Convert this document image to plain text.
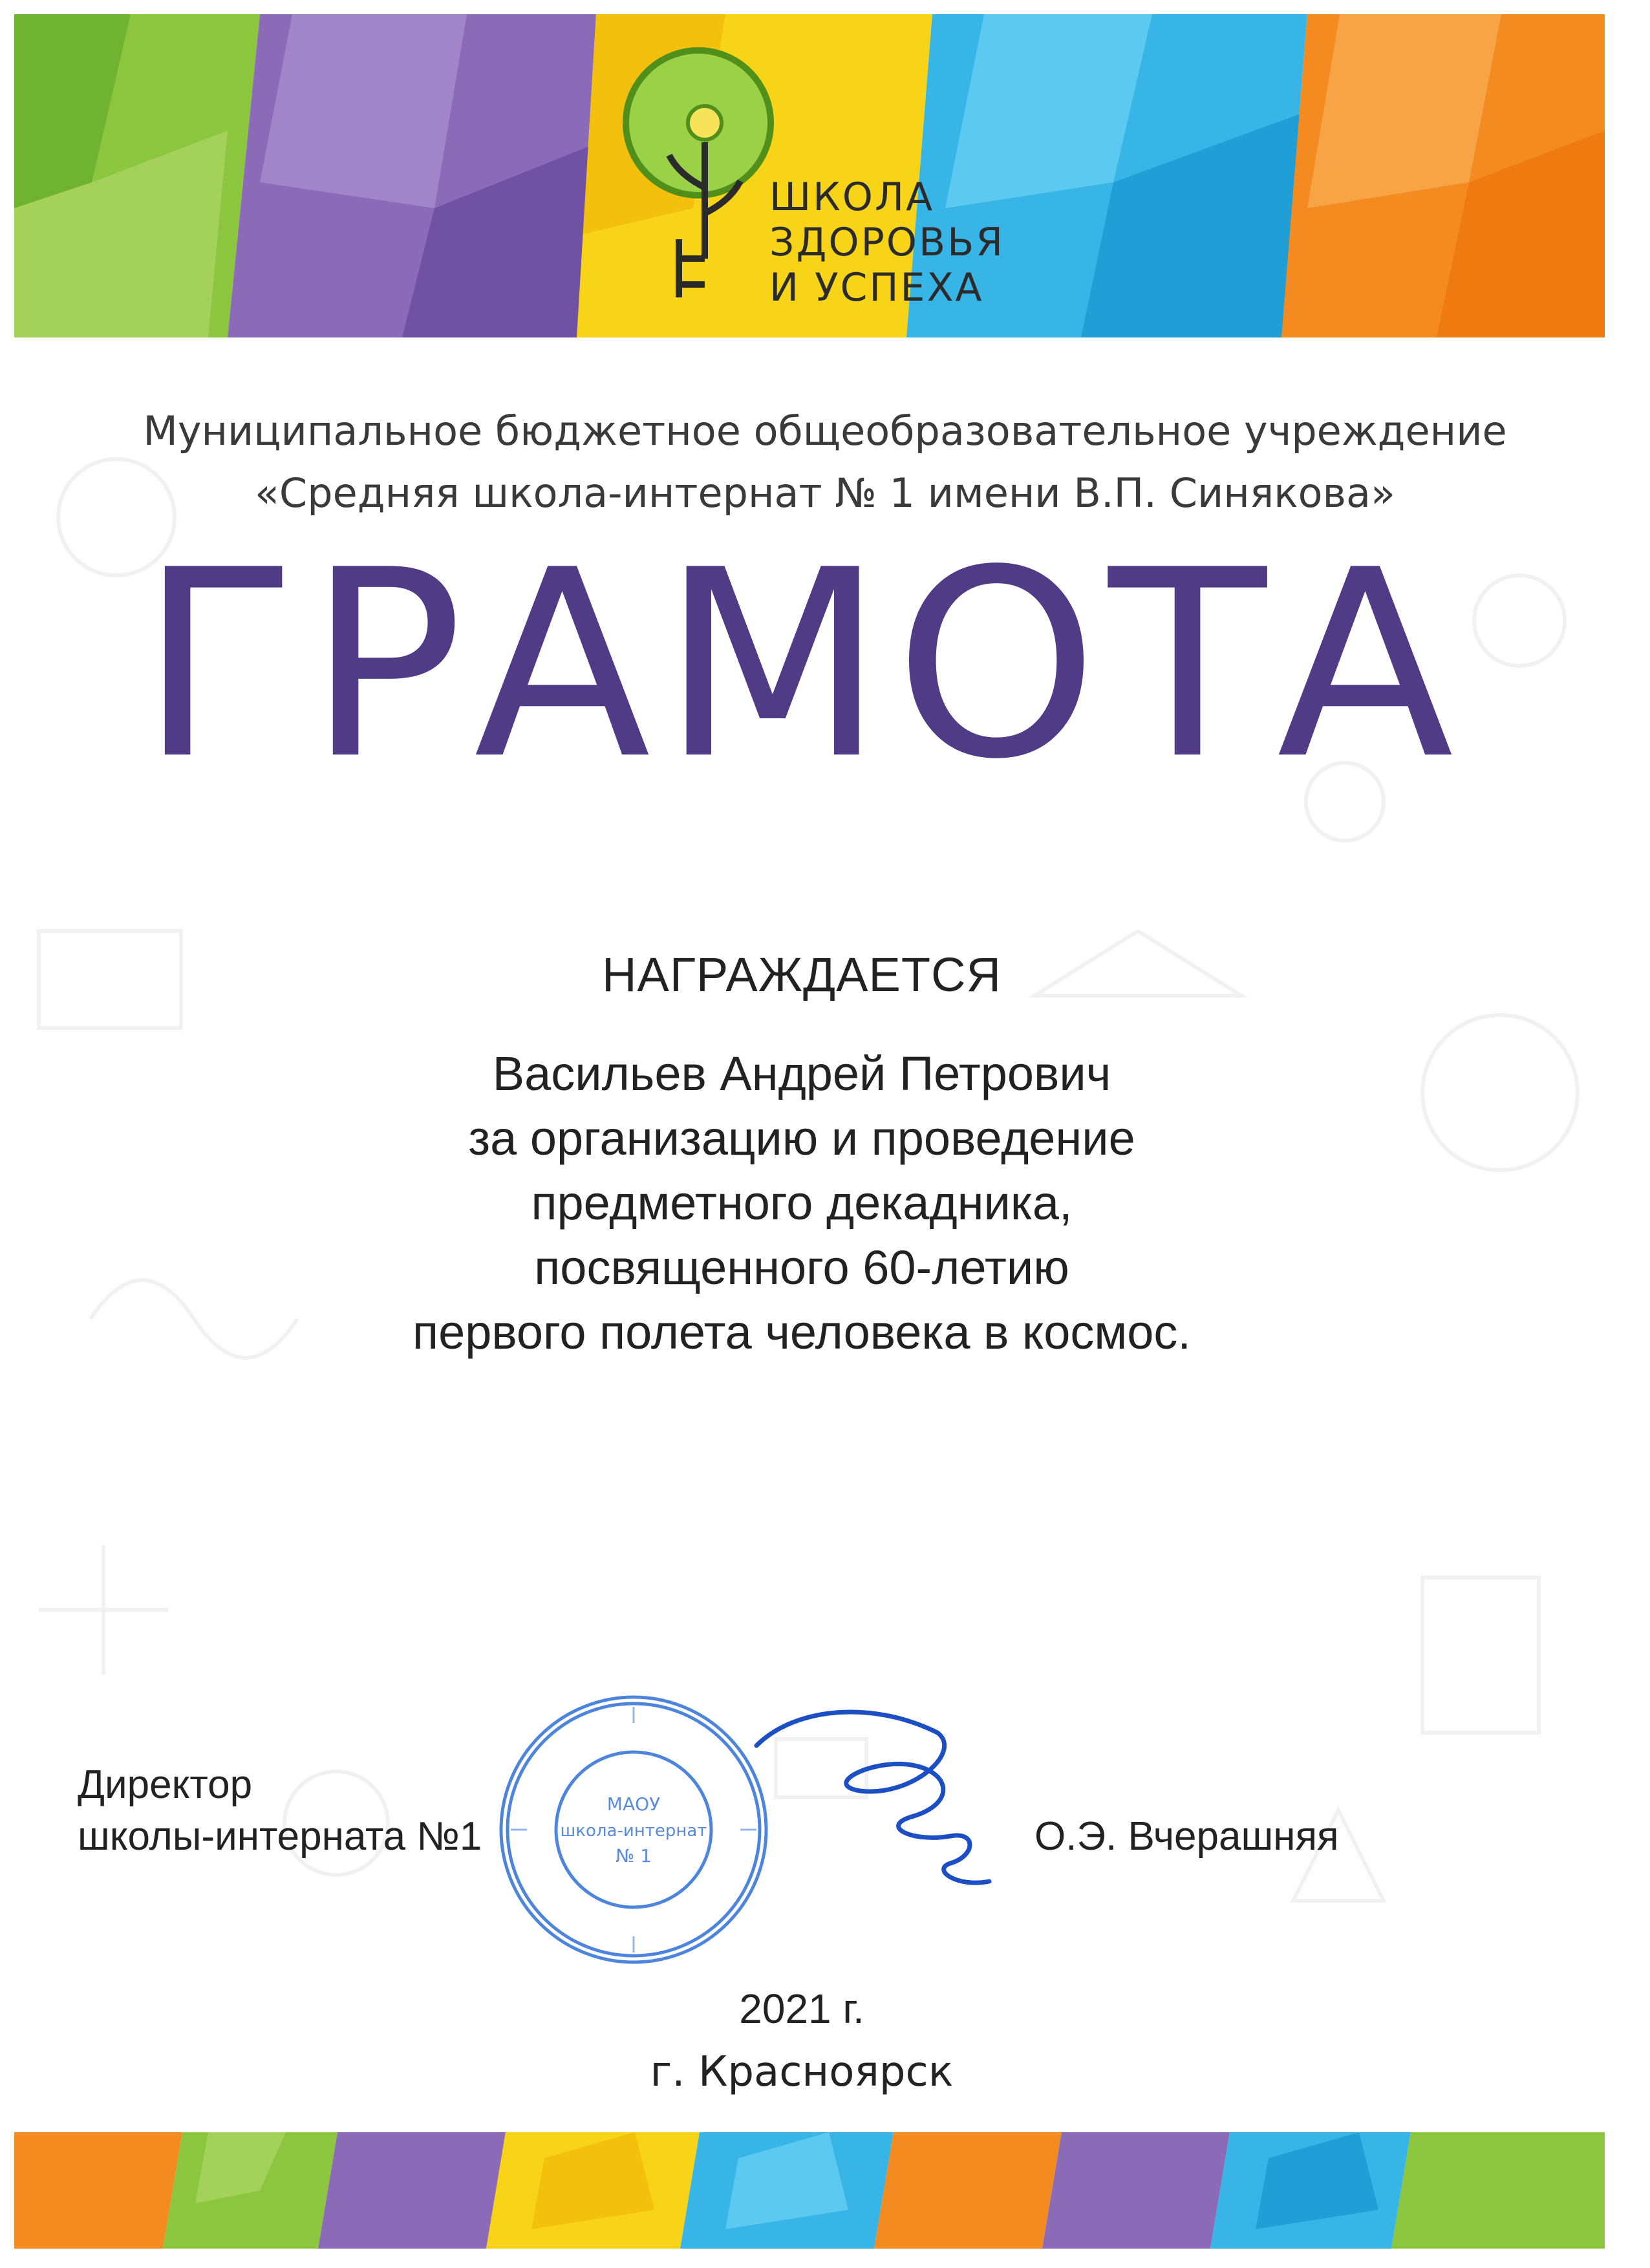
ШКОЛА
ЗДОРОВЬЯ
И УСПЕХА
Муниципальное бюджетное общеобразовательное учреждение
«Средняя школа-интернат № 1 имени В.П. Синякова»
ГРАМОТА
НАГРАЖДАЕТСЯ
Васильев Андрей Петрович
за организацию и проведение
предметного декадника,
посвященного 60-летию
первого полета человека в космос.
Директор
школы-интерната №1	О.Э. Вчерашняя
МАОУ
школа-интернат
№ 1
2021 г.
г. Красноярск
